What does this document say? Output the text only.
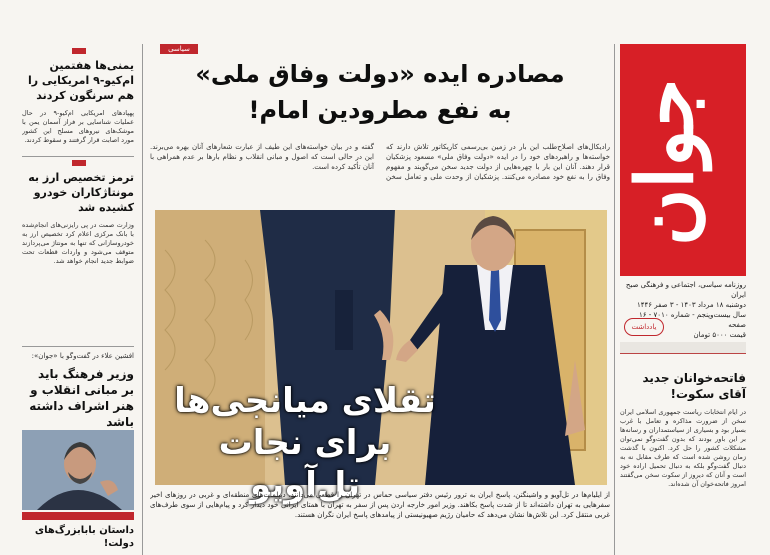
جوان
روزنامه سیاسی، اجتماعی و فرهنگی صبح ایران
دوشنبه ۱۸ مرداد ۱۴۰۳ - ۳ صفر ۱۴۴۶
سال بیست‌وپنجم - شماره ۷۰۱۰ - ۱۶ صفحه
قیمت ۵۰۰۰ تومان
یادداشت
فاتحه‌خوانان جدید آقای سکوت!
در ایام انتخابات ریاست جمهوری اسلامی ایران سخن از ضرورت مذاکره و تعامل با غرب بسیار بود و بسیاری از سیاستمداران و رسانه‌ها بر این باور بودند که بدون گفت‌وگو نمی‌توان مشکلات کشور را حل کرد. اکنون با گذشت زمان روشن شده است که طرف مقابل نه به دنبال گفت‌وگو بلکه به دنبال تحمیل اراده خود است و آنان که دیروز از سکوت سخن می‌گفتند امروز فاتحه‌خوان آن شده‌اند.
سیاسی
مصادره ایده «دولت وفاق ملی»
به نفع مطرودین امام!
رادیکال‌های اصلاح‌طلب این بار در زمین بی‌رسمی کاریکاتور تلاش دارند که خواسته‌ها و راهبردهای خود را در ایده «دولت وفاق ملی» مسعود پزشکیان قرار دهند. آنان این بار با چهره‌هایی از دولت جدید سخن می‌گویند و مفهوم وفاق را به نفع خود مصادره می‌کنند. پزشکیان از وحدت ملی و تعامل سخن گفته و در بیان خواسته‌های این طیف از عبارت شعارهای آنان بهره می‌برند. این در حالی است که اصول و مبانی انقلاب و نظام بارها بر عدم همراهی با آنان تأکید کرده است.
تقلای میانجی‌ها
برای نجات تل‌آویو
از ایلیام‌ها در تل‌آویو و واشینگتن، پاسخ ایران به ترور رئیس دفتر سیاسی حماس در تهران را قطعی می‌دانند. دیپلمات‌های منطقه‌ای و غربی در روزهای اخیر سفرهایی به تهران داشته‌اند تا از شدت پاسخ بکاهند. وزیر امور خارجه اردن پس از سفر به تهران با همتای ایرانی خود دیدار کرد و پیام‌هایی از سوی طرف‌های غربی منتقل کرد. این تلاش‌ها نشان می‌دهد که حامیان رژیم صهیونیستی از پیامدهای پاسخ ایران نگران هستند.
یمنی‌ها هفتمین ام‌کیو-۹ امریکایی را هم سرنگون کردند
پهپادهای امریکایی ام‌کیو-۹ در حال عملیات شناسایی بر فراز آسمان یمن با موشک‌های نیروهای مسلح این کشور مورد اصابت قرار گرفتند و سقوط کردند.
ترمز تخصیص ارز به مونتاژکاران خودرو کشیده شد
وزارت صمت در پی رایزنی‌های انجام‌شده با بانک مرکزی اعلام کرد تخصیص ارز به خودروسازانی که تنها به مونتاژ می‌پردازند متوقف می‌شود و واردات قطعات تحت ضوابط جدید انجام خواهد شد.
افشین علاء در گفت‌وگو با «جوان»:
وزیر فرهنگ باید بر مبانی انقلاب و هنر اشراف داشته باشد
داستان بابابزرگ‌های دولت!
